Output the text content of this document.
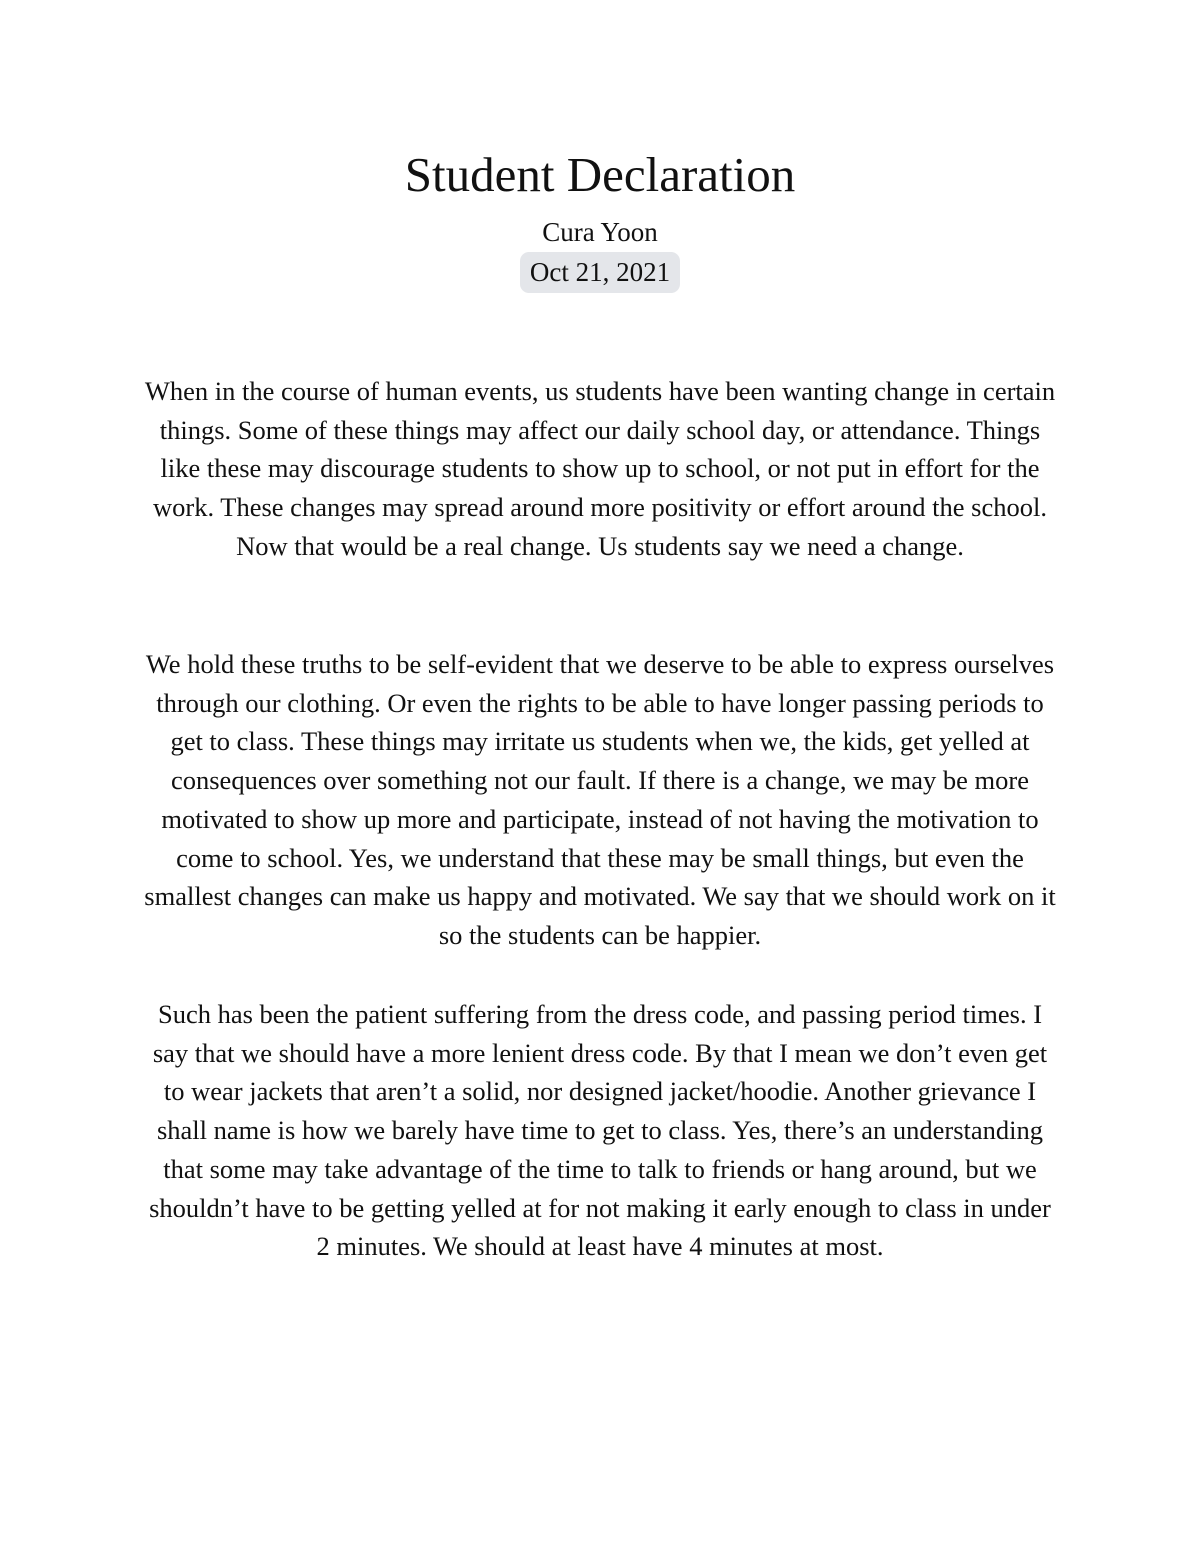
Student Declaration

Cura Yoon

Oct 21, 2021

When in the course of human events, us students have been wanting change in certain things. Some of these things may affect our daily school day, or attendance. Things like these may discourage students to show up to school, or not put in effort for the work. These changes may spread around more positivity or effort around the school. Now that would be a real change. Us students say we need a change.

We hold these truths to be self-evident that we deserve to be able to express ourselves through our clothing. Or even the rights to be able to have longer passing periods to get to class. These things may irritate us students when we, the kids, get yelled at consequences over something not our fault. If there is a change, we may be more motivated to show up more and participate, instead of not having the motivation to come to school. Yes, we understand that these may be small things, but even the smallest changes can make us happy and motivated. We say that we should work on it so the students can be happier.

Such has been the patient suffering from the dress code, and passing period times. I say that we should have a more lenient dress code. By that I mean we don’t even get to wear jackets that aren’t a solid, nor designed jacket/hoodie. Another grievance I shall name is how we barely have time to get to class. Yes, there’s an understanding that some may take advantage of the time to talk to friends or hang around, but we shouldn’t have to be getting yelled at for not making it early enough to class in under 2 minutes. We should at least have 4 minutes at most.
